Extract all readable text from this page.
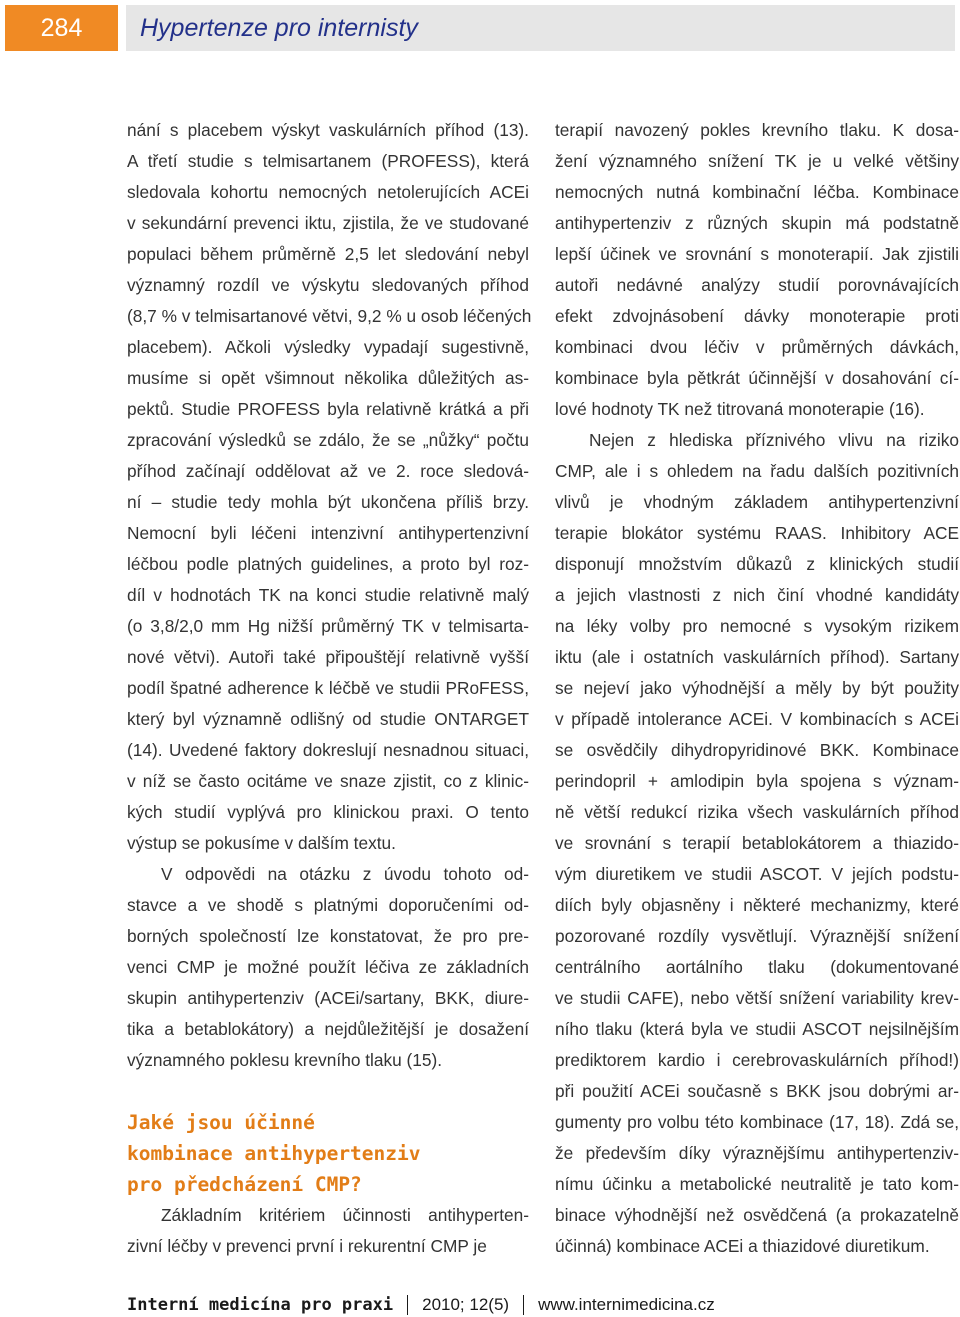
284	Hypertenze pro internisty
nání s placebem výskyt vaskulárních příhod (13).
A třetí studie s telmisartanem (PROFESS), která
sledovala kohortu nemocných netolerujících ACEi
v sekundární prevenci iktu, zjistila, že ve studované
populaci během průměrně 2,5 let sledování nebyl
významný rozdíl ve výskytu sledovaných příhod
(8,7 % v telmisartanové větvi, 9,2 % u osob léčených
placebem). Ačkoli výsledky vypadají sugestivně,
musíme si opět všimnout několika důležitých as-
pektů. Studie PROFESS byla relativně krátká a při
zpracování výsledků se zdálo, že se „nůžky“ počtu
příhod začínají oddělovat až ve 2. roce sledová-
ní – studie tedy mohla být ukončena příliš brzy.
Nemocní byli léčeni intenzivní antihypertenzivní
léčbou podle platných guidelines, a proto byl roz-
díl v hodnotách TK na konci studie relativně malý
(o 3,8/2,0 mm Hg nižší průměrný TK v telmisarta-
nové větvi). Autoři také připouštějí relativně vyšší
podíl špatné adherence k léčbě ve studii PRoFESS,
který byl významně odlišný od studie ONTARGET
(14). Uvedené faktory dokreslují nesnadnou situaci,
v níž se často ocitáme ve snaze zjistit, co z klinic-
kých studií vyplývá pro klinickou praxi. O tento
výstup se pokusíme v dalším textu.
V odpovědi na otázku z úvodu tohoto od-
stavce a ve shodě s platnými doporučeními od-
borných společností lze konstatovat, že pro pre-
venci CMP je možné použít léčiva ze základních
skupin antihypertenziv (ACEi/sartany, BKK, diure-
tika a betablokátory) a nejdůležitější je dosažení
významného poklesu krevního tlaku (15).
Jaké jsou účinné
kombinace antihypertenziv
pro předcházení CMP?
Základním kritériem účinnosti antihyperten-
zivní léčby v prevenci první i rekurentní CMP je
terapií navozený pokles krevního tlaku. K dosa-
žení významného snížení TK je u velké většiny
nemocných nutná kombinační léčba. Kombinace
antihypertenziv z různých skupin má podstatně
lepší účinek ve srovnání s monoterapií. Jak zjistili
autoři nedávné analýzy studií porovnávajících
efekt zdvojnásobení dávky monoterapie proti
kombinaci dvou léčiv v průměrných dávkách,
kombinace byla pětkrát účinnější v dosahování cí-
lové hodnoty TK než titrovaná monoterapie (16).
Nejen z hlediska příznivého vlivu na riziko
CMP, ale i s ohledem na řadu dalších pozitivních
vlivů je vhodným základem antihypertenzivní
terapie blokátor systému RAAS. Inhibitory ACE
disponují množstvím důkazů z klinických studií
a jejich vlastnosti z nich činí vhodné kandidáty
na léky volby pro nemocné s vysokým rizikem
iktu (ale i ostatních vaskulárních příhod). Sartany
se nejeví jako výhodnější a měly by být použity
v případě intolerance ACEi. V kombinacích s ACEi
se osvědčily dihydropyridinové BKK. Kombinace
perindopril + amlodipin byla spojena s význam-
ně větší redukcí rizika všech vaskulárních příhod
ve srovnání s terapií betablokátorem a thiazido-
vým diuretikem ve studii ASCOT. V jejích podstu-
diích byly objasněny i některé mechanizmy, které
pozorované rozdíly vysvětlují. Výraznější snížení
centrálního aortálního tlaku (dokumentované
ve studii CAFE), nebo větší snížení variability krev-
ního tlaku (která byla ve studii ASCOT nejsilnějším
prediktorem kardio i cerebrovaskulárních příhod!)
při použití ACEi současně s BKK jsou dobrými ar-
gumenty pro volbu této kombinace (17, 18). Zdá se,
že především díky výraznějšímu antihypertenziv-
nímu účinku a metabolické neutralitě je tato kom-
binace výhodnější než osvědčená (a prokazatelně
účinná) kombinace ACEi a thiazidové diuretikum.
Interní medicína pro praxi 2010; 12(5) www.internimedicina.cz
